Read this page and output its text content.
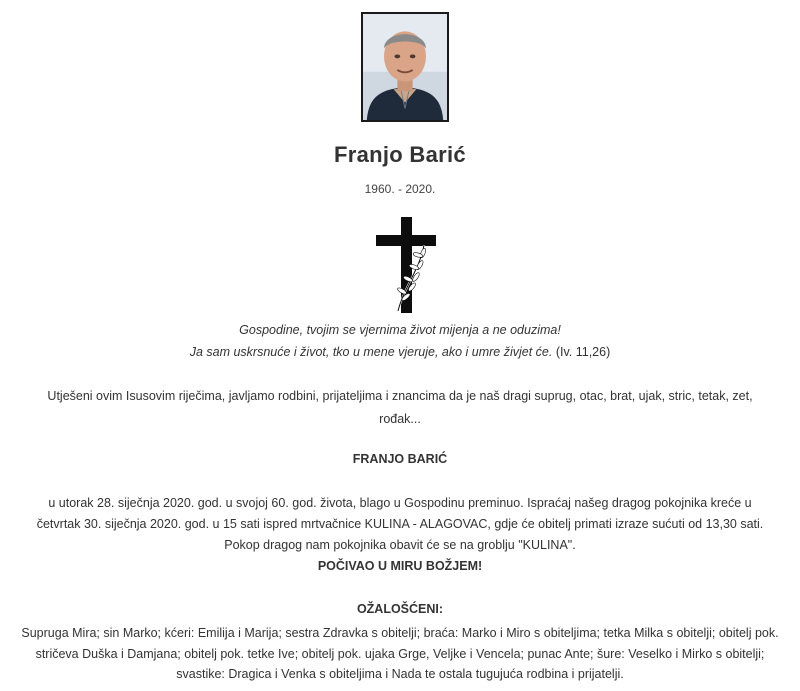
Franjo Barić
1960. - 2020.
Gospodine, tvojim se vjernima život mijenja a ne oduzima!
Ja sam uskrsnuće i život, tko u mene vjeruje, ako i umre živjet će. (Iv. 11,26)
Utješeni ovim Isusovim riječima, javljamo rodbini, prijateljima i znancima da je naš dragi suprug, otac, brat, ujak, stric, tetak, zet, rođak...
FRANJO BARIĆ
u utorak 28. siječnja 2020. god. u svojoj 60. god. života, blago u Gospodinu preminuo. Ispraćaj našeg dragog pokojnika kreće u četvrtak 30. siječnja 2020. god. u 15 sati ispred mrtvačnice KULINA - ALAGOVAC, gdje će obitelj primati izraze sućuti od 13,30 sati. Pokop dragog nam pokojnika obavit će se na groblju "KULINA".
POČIVAO U MIRU BOŽJEM!
OŽALOŠĆENI:
Supruga Mira; sin Marko; kćeri: Emilija i Marija; sestra Zdravka s obitelji; braća: Marko i Miro s obiteljima; tetka Milka s obitelji; obitelj pok. stričeva Duška i Damjana; obitelj pok. tetke Ive; obitelj pok. ujaka Grge, Veljke i Vencela; punac Ante; šure: Veselko i Mirko s obitelji; svastike: Dragica i Venka s obiteljima i Nada te ostala tugujuća rodbina i prijatelji.
